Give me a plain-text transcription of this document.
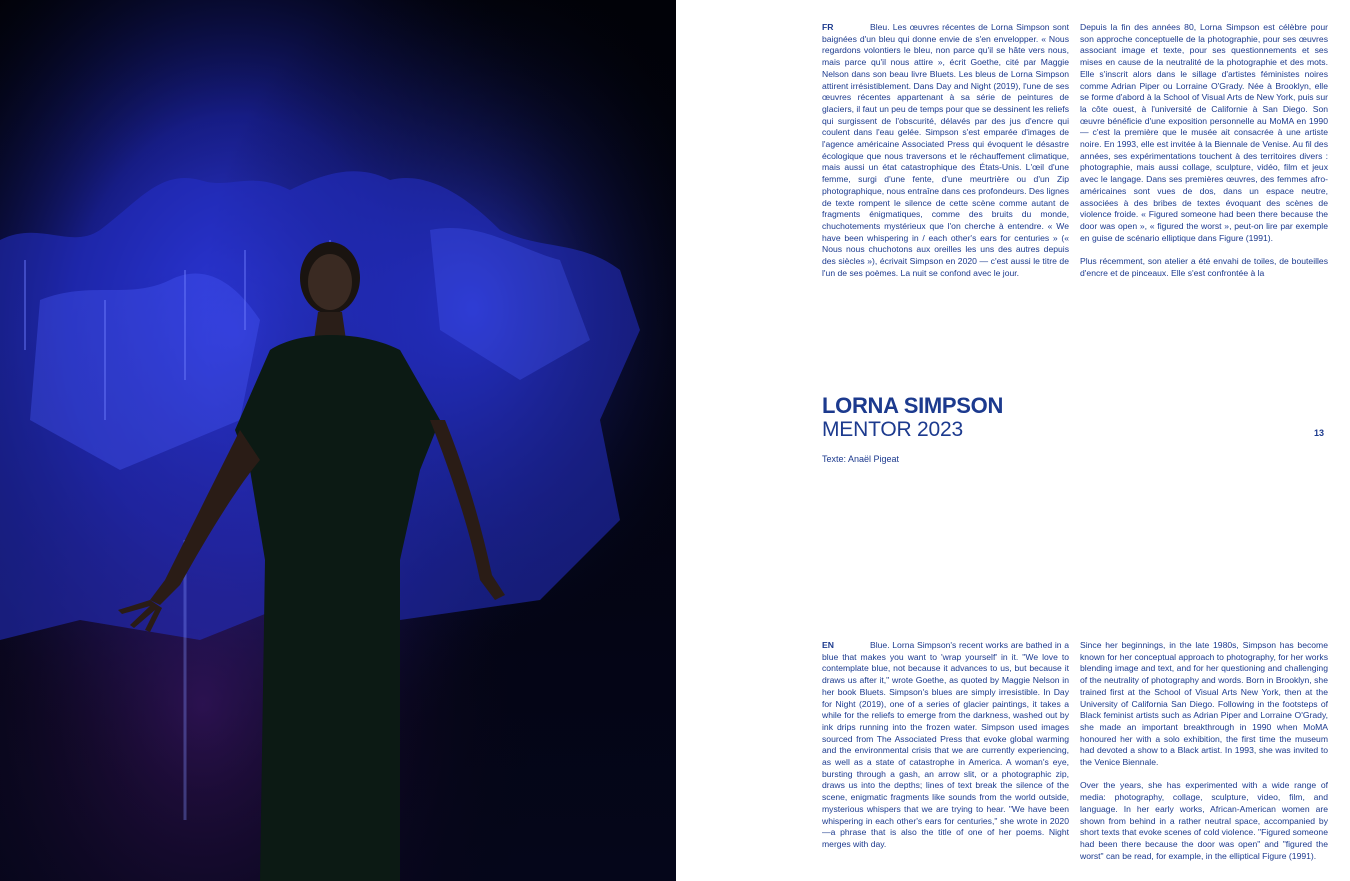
FR	Bleu. Les œuvres récentes de Lorna Simpson sont baignées d'un bleu qui donne envie de s'en envelopper. « Nous regardons volontiers le bleu, non parce qu'il se hâte vers nous, mais parce qu'il nous attire », écrit Goethe, cité par Maggie Nelson dans son beau livre Bluets. Les bleus de Lorna Simpson attirent irrésistiblement. Dans Day and Night (2019), l'une de ses œuvres récentes appartenant à sa série de peintures de glaciers, il faut un peu de temps pour que se dessinent les reliefs qui surgissent de l'obscurité, délavés par des jus d'encre qui coulent dans l'eau gelée. Simpson s'est emparée d'images de l'agence américaine Associated Press qui évoquent le désastre écologique que nous traversons et le réchauffement climatique, mais aussi un état catastrophique des États-Unis. L'œil d'une femme, surgi d'une fente, d'une meurtrière ou d'un Zip photographique, nous entraîne dans ces profondeurs. Des lignes de texte rompent le silence de cette scène comme autant de fragments énigmatiques, comme des bruits du monde, chuchotements mystérieux que l'on cherche à entendre. « We have been whispering in / each other's ears for centuries » (« Nous nous chuchotons aux oreilles les uns des autres depuis des siècles »), écrivait Simpson en 2020 — c'est aussi le titre de l'un de ses poèmes. La nuit se confond avec le jour.

Depuis la fin des années 80, Lorna Simpson est célèbre pour son approche conceptuelle de la photographie, pour ses œuvres associant image et texte, pour ses questionnements et ses mises en cause de la neutralité de la photographie et des mots. Elle s'inscrit alors dans le sillage d'artistes féministes noires comme Adrian Piper ou Lorraine O'Grady. Née à Brooklyn, elle se forme d'abord à la School of Visual Arts de New York, puis sur la côte ouest, à l'université de Californie à San Diego. Son œuvre bénéficie d'une exposition personnelle au MoMA en 1990 — c'est la première que le musée ait consacrée à une artiste noire. En 1993, elle est invitée à la Biennale de Venise. Au fil des années, ses expérimentations touchent à des territoires divers : photographie, mais aussi collage, sculpture, vidéo, film et jeux avec le langage. Dans ses premières œuvres, des femmes afro-américaines sont vues de dos, dans un espace neutre, associées à des bribes de textes évoquant des scènes de violence froide. « Figured someone had been there because the door was open », « figured the worst », peut-on lire par exemple en guise de scénario elliptique dans Figure (1991).

Plus récemment, son atelier a été envahi de toiles, de bouteilles d'encre et de pinceaux. Elle s'est confrontée à la

LORNA SIMPSON
MENTOR 2023
Texte: Anaël Pigeat
13

EN	Blue. Lorna Simpson's recent works are bathed in a blue that makes you want to 'wrap yourself' in it. "We love to contemplate blue, not because it advances to us, but because it draws us after it," wrote Goethe, as quoted by Maggie Nelson in her book Bluets. Simpson's blues are simply irresistible. In Day for Night (2019), one of a series of glacier paintings, it takes a while for the reliefs to emerge from the darkness, washed out by ink drips running into the frozen water. Simpson used images sourced from The Associated Press that evoke global warming and the environmental crisis that we are currently experiencing, as well as a state of catastrophe in America. A woman's eye, bursting through a gash, an arrow slit, or a photographic zip, draws us into the depths; lines of text break the silence of the scene, enigmatic fragments like sounds from the world outside, mysterious whispers that we are trying to hear. "We have been whispering in each other's ears for centuries," she wrote in 2020—a phrase that is also the title of one of her poems. Night merges with day.

Since her beginnings, in the late 1980s, Simpson has become known for her conceptual approach to photography, for her works blending image and text, and for her questioning and challenging of the neutrality of photography and words. Born in Brooklyn, she trained first at the School of Visual Arts New York, then at the University of California San Diego. Following in the footsteps of Black feminist artists such as Adrian Piper and Lorraine O'Grady, she made an important breakthrough in 1990 when MoMA honoured her with a solo exhibition, the first time the museum had devoted a show to a Black artist. In 1993, she was invited to the Venice Biennale.

Over the years, she has experimented with a wide range of media: photography, collage, sculpture, video, film, and language. In her early works, African-American women are shown from behind in a rather neutral space, accompanied by short texts that evoke scenes of cold violence. "Figured someone had been there because the door was open" and "figured the worst" can be read, for example, in the elliptical Figure (1991).
